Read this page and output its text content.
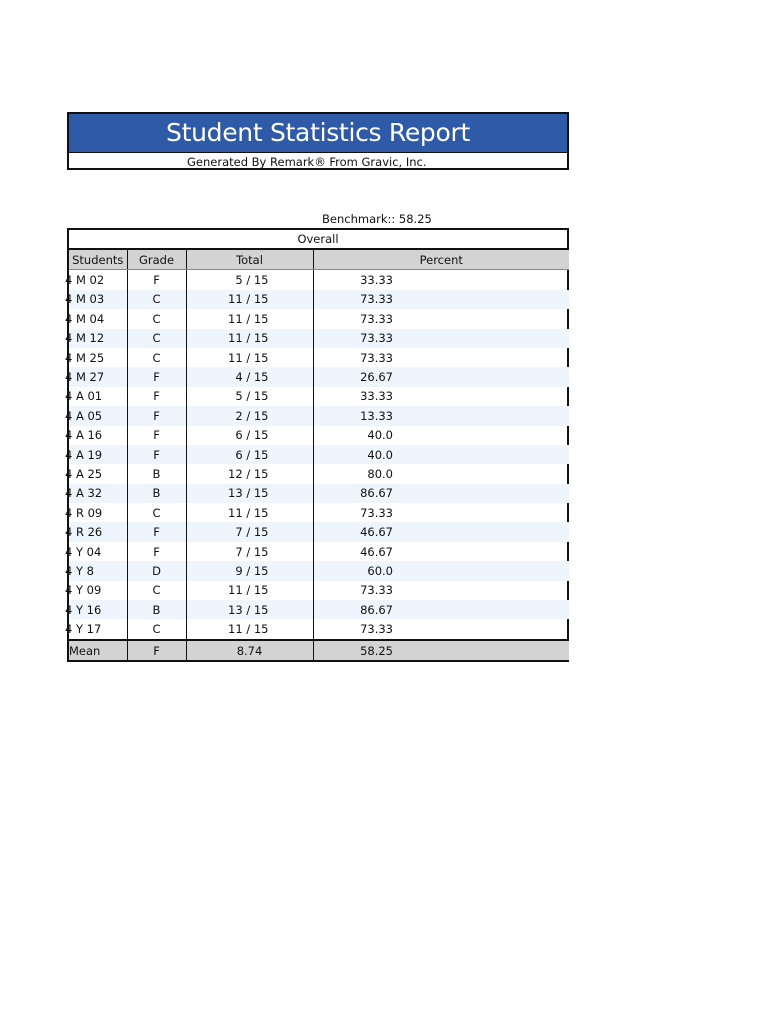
Student Statistics Report
Generated By Remark® From Gravic, Inc.
Benchmark:: 58.25
Overall
Students	Grade	Total	Percent
4 M 02	F	5 / 15	33.33
4 M 03	C	11 / 15	73.33
4 M 04	C	11 / 15	73.33
4 M 12	C	11 / 15	73.33
4 M 25	C	11 / 15	73.33
4 M 27	F	4 / 15	26.67
4 A 01	F	5 / 15	33.33
4 A 05	F	2 / 15	13.33
4 A 16	F	6 / 15	40.0
4 A 19	F	6 / 15	40.0
4 A 25	B	12 / 15	80.0
4 A 32	B	13 / 15	86.67
4 R 09	C	11 / 15	73.33
4 R 26	F	7 / 15	46.67
4 Y 04	F	7 / 15	46.67
4 Y 8	D	9 / 15	60.0
4 Y 09	C	11 / 15	73.33
4 Y 16	B	13 / 15	86.67
4 Y 17	C	11 / 15	73.33
Mean	F	8.74	58.25
